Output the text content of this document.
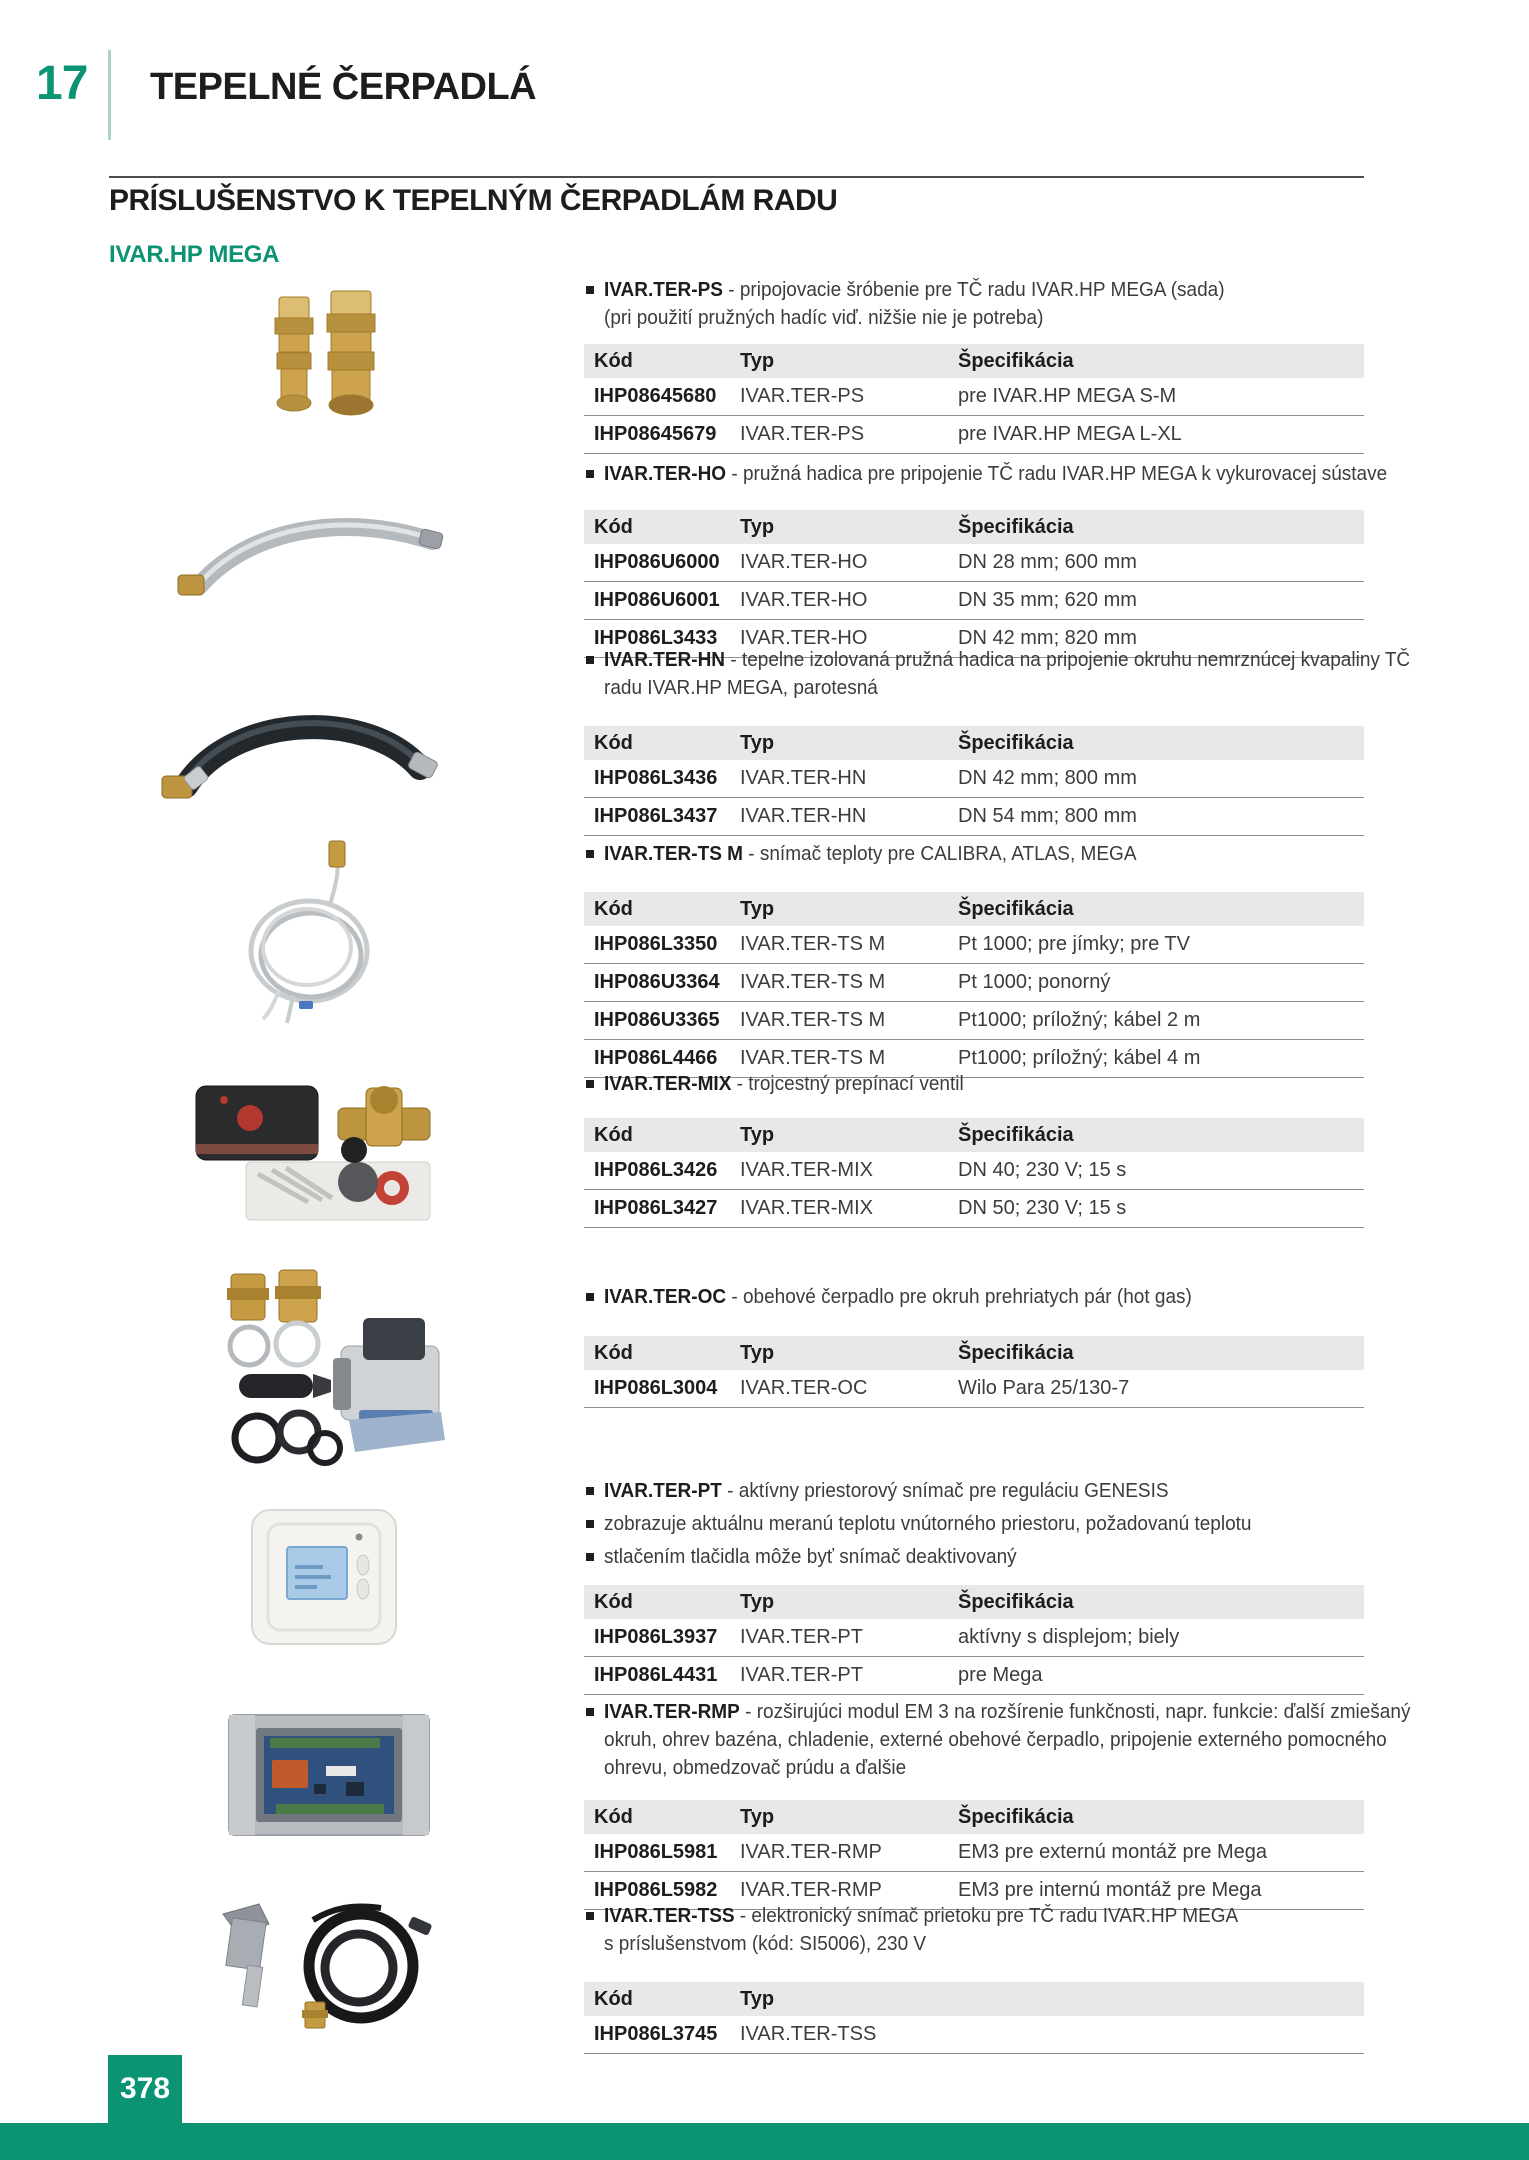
17 TEPELNÉ ČERPADLÁ
PRÍSLUŠENSTVO K TEPELNÝM ČERPADLÁM RADU
IVAR.HP MEGA
IVAR.TER-PS - pripojovacie šróbenie pre TČ radu IVAR.HP MEGA (sada)
(pri použití pružných hadíc viď. nižšie nie je potreba)
Kód	Typ	Špecifikácia
IHP08645680	IVAR.TER-PS	pre IVAR.HP MEGA S-M
IHP08645679	IVAR.TER-PS	pre IVAR.HP MEGA L-XL
IVAR.TER-HO - pružná hadica pre pripojenie TČ radu IVAR.HP MEGA k vykurovacej sústave
Kód	Typ	Špecifikácia
IHP086U6000	IVAR.TER-HO	DN 28 mm; 600 mm
IHP086U6001	IVAR.TER-HO	DN 35 mm; 620 mm
IHP086L3433	IVAR.TER-HO	DN 42 mm; 820 mm
IVAR.TER-HN - tepelne izolovaná pružná hadica na pripojenie okruhu nemrznúcej kvapaliny TČ
radu IVAR.HP MEGA, parotesná
Kód	Typ	Špecifikácia
IHP086L3436	IVAR.TER-HN	DN 42 mm; 800 mm
IHP086L3437	IVAR.TER-HN	DN 54 mm; 800 mm
IVAR.TER-TS M - snímač teploty pre CALIBRA, ATLAS, MEGA
Kód	Typ	Špecifikácia
IHP086L3350	IVAR.TER-TS M	Pt 1000; pre jímky; pre TV
IHP086U3364	IVAR.TER-TS M	Pt 1000; ponorný
IHP086U3365	IVAR.TER-TS M	Pt1000; príložný; kábel 2 m
IHP086L4466	IVAR.TER-TS M	Pt1000; príložný; kábel 4 m
IVAR.TER-MIX - trojcestný prepínací ventil
Kód	Typ	Špecifikácia
IHP086L3426	IVAR.TER-MIX	DN 40; 230 V; 15 s
IHP086L3427	IVAR.TER-MIX	DN 50; 230 V; 15 s
IVAR.TER-OC - obehové čerpadlo pre okruh prehriatych pár (hot gas)
Kód	Typ	Špecifikácia
IHP086L3004	IVAR.TER-OC	Wilo Para 25/130-7
IVAR.TER-PT - aktívny priestorový snímač pre reguláciu GENESIS
zobrazuje aktuálnu meranú teplotu vnútorného priestoru, požadovanú teplotu
stlačením tlačidla môže byť snímač deaktivovaný
Kód	Typ	Špecifikácia
IHP086L3937	IVAR.TER-PT	aktívny s displejom; biely
IHP086L4431	IVAR.TER-PT	pre Mega
IVAR.TER-RMP - rozširujúci modul EM 3 na rozšírenie funkčnosti, napr. funkcie: ďalší zmiešaný
okruh, ohrev bazéna, chladenie, externé obehové čerpadlo, pripojenie externého pomocného
ohrevu, obmedzovač prúdu a ďalšie
Kód	Typ	Špecifikácia
IHP086L5981	IVAR.TER-RMP	EM3 pre externú montáž pre Mega
IHP086L5982	IVAR.TER-RMP	EM3 pre internú montáž pre Mega
IVAR.TER-TSS - elektronický snímač prietoku pre TČ radu IVAR.HP MEGA
s príslušenstvom (kód: SI5006), 230 V
Kód	Typ
IHP086L3745	IVAR.TER-TSS
378
